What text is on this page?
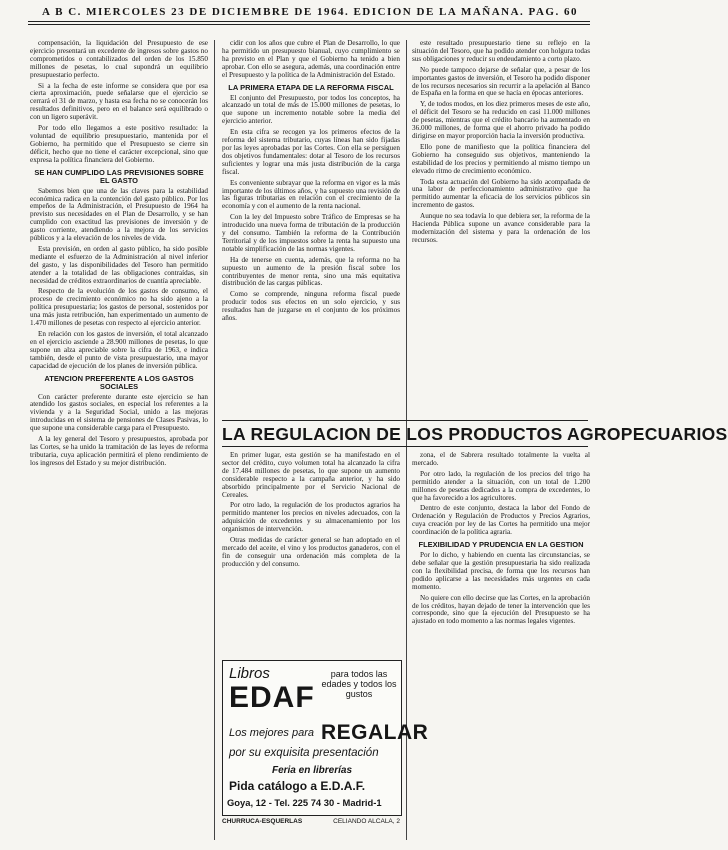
A B C. MIERCOLES 23 DE DICIEMBRE DE 1964. EDICION DE LA MAÑANA. PAG. 60

compensación, la liquidación del Presupuesto de ese ejercicio presentará un excedente de ingresos sobre gastos no comprometidos o contabilizados del orden de los 15.850 millones de pesetas, lo cual supondrá un equilibrio presupuestario perfecto.

Si a la fecha de este informe se considera que por esa cierta aproximación, puede señalarse que el ejercicio se cerrará el 31 de marzo, y hasta esa fecha no se conocerán los resultados definitivos, pero en el balance será equilibrado o con un ligero superávit.

Por todo ello llegamos a este positivo resultado: la voluntad de equilibrio presupuestario, mantenida por el Gobierno, ha permitido que el Presupuesto se cierre sin déficit, hecho que no tiene el carácter excepcional, sino que expresa la política financiera del Gobierno.

SE HAN CUMPLIDO LAS PREVISIONES SOBRE EL GASTO

Sabemos bien que una de las claves para la estabilidad económica radica en la contención del gasto público. Por los empeños de la Administración, el Presupuesto de 1964 ha previsto sus necesidades en el Plan de Desarrollo, y se han cumplido con exactitud las previsiones de inversión y de gasto corriente, atendiendo a la mejora de los servicios públicos y a la elevación de los niveles de vida.

Esta previsión, en orden al gasto público, ha sido posible mediante el esfuerzo de la Administración al nivel inferior del gasto, y las disponibilidades del Tesoro han permitido atender a la totalidad de las obligaciones contraídas, sin necesidad de créditos extraordinarios de cuantía apreciable.

Respecto de la evolución de los gastos de consumo, el proceso de crecimiento económico no ha sido ajeno a la política presupuestaria; los gastos de personal, sostenidos por una más justa retribución, han experimentado un aumento de 1.470 millones de pesetas con respecto al ejercicio anterior.

En relación con los gastos de inversión, el total alcanzado en el ejercicio asciende a 28.900 millones de pesetas, lo que supone un alza apreciable sobre la cifra de 1963, e indica también, desde el punto de vista presupuestario, una mayor capacidad de ejecución de los planes de inversión pública.

ATENCION PREFERENTE A LOS GASTOS SOCIALES

Con carácter preferente durante este ejercicio se han atendido los gastos sociales, en especial los referentes a la vivienda y a la Seguridad Social, unido a las mejoras introducidas en el sistema de pensiones de Clases Pasivas, lo que supone una considerable carga para el Presupuesto.

A la ley general del Tesoro y presupuestos, aprobada por las Cortes, se ha unido la tramitación de las leyes de reforma tributaria, cuya aplicación permitirá el pleno rendimiento de los ingresos del Estado y su mejor distribución.

cidir con los años que cubre el Plan de Desarrollo, lo que ha permitido un presupuesto bianual, cuyo cumplimiento se ha previsto en el Plan y que el Gobierno ha tenido a bien aprobar. Con ello se asegura, además, una coordinación entre el Presupuesto y la política de la Administración del Estado.

LA PRIMERA ETAPA DE LA REFORMA FISCAL

El conjunto del Presupuesto, por todos los conceptos, ha alcanzado un total de más de 15.000 millones de pesetas, lo que supone un incremento notable sobre la media del ejercicio anterior.

En esta cifra se recogen ya los primeros efectos de la reforma del sistema tributario, cuyas líneas han sido fijadas por las leyes aprobadas por las Cortes. Con ella se persiguen dos objetivos fundamentales: dotar al Tesoro de los recursos suficientes y lograr una más justa distribución de la carga fiscal.

Es conveniente subrayar que la reforma en vigor es la más importante de los últimos años, y ha supuesto una revisión de las figuras tributarias en relación con el crecimiento de la economía y con el aumento de la renta nacional.

Con la ley del Impuesto sobre Tráfico de Empresas se ha introducido una nueva forma de tributación de la producción y del consumo. También la reforma de la Contribución Territorial y de los impuestos sobre la renta ha supuesto una notable simplificación de las normas vigentes.

Ha de tenerse en cuenta, además, que la reforma no ha supuesto un aumento de la presión fiscal sobre los contribuyentes de menor renta, sino una más equitativa distribución de las cargas públicas.

Como se comprende, ninguna reforma fiscal puede producir todos sus efectos en un solo ejercicio, y sus resultados han de juzgarse en el conjunto de los próximos años.

este resultado presupuestario tiene su reflejo en la situación del Tesoro, que ha podido atender con holgura todas sus obligaciones y reducir su endeudamiento a corto plazo.

No puede tampoco dejarse de señalar que, a pesar de los importantes gastos de inversión, el Tesoro ha podido disponer de los recursos necesarios sin recurrir a la apelación al Banco de España en la forma en que se hacía en épocas anteriores.

Y, de todos modos, en los diez primeros meses de este año, el déficit del Tesoro se ha reducido en casi 11.000 millones de pesetas, mientras que el crédito bancario ha aumentado en 36.000 millones, de forma que el ahorro privado ha podido dirigirse en mayor proporción hacia la inversión productiva.

Ello pone de manifiesto que la política financiera del Gobierno ha conseguido sus objetivos, manteniendo la estabilidad de los precios y permitiendo al mismo tiempo un elevado ritmo de crecimiento económico.

Toda esta actuación del Gobierno ha sido acompañada de una labor de perfeccionamiento administrativo que ha permitido aumentar la eficacia de los servicios públicos sin incremento de gastos.

Aunque no sea todavía lo que debiera ser, la reforma de la Hacienda Pública supone un avance considerable para la modernización del sistema y para la ordenación de los recursos.

LA REGULACION DE LOS PRODUCTOS AGROPECUARIOS

En primer lugar, esta gestión se ha manifestado en el sector del crédito, cuyo volumen total ha alcanzado la cifra de 17.484 millones de pesetas, lo que supone un aumento considerable respecto a la campaña anterior, y ha sido absorbido principalmente por el Servicio Nacional de Cereales.

Por otro lado, la regulación de los productos agrarios ha permitido mantener los precios en niveles adecuados, con la adquisición de excedentes y su almacenamiento por los organismos de intervención.

Otras medidas de carácter general se han adoptado en el mercado del aceite, el vino y los productos ganaderos, con el fin de conseguir una ordenación más completa de la producción y del consumo.

zona, el de Sabrera resultado totalmente la vuelta al mercado.

Por otro lado, la regulación de los precios del trigo ha permitido atender a la situación, con un total de 1.200 millones de pesetas dedicados a la compra de excedentes, lo que ha favorecido a los agricultores.

Dentro de este conjunto, destaca la labor del Fondo de Ordenación y Regulación de Productos y Precios Agrarios, cuya creación por ley de las Cortes ha permitido una mejor coordinación de la política agraria.

FLEXIBILIDAD Y PRUDENCIA EN LA GESTION

Por lo dicho, y habiendo en cuenta las circunstancias, se debe señalar que la gestión presupuestaria ha sido realizada con la flexibilidad precisa, de forma que los recursos han podido aplicarse a las necesidades más urgentes en cada momento.

No quiere con ello decirse que las Cortes, en la aprobación de los créditos, hayan dejado de tener la intervención que les corresponde, sino que la ejecución del Presupuesto se ha ajustado en todo momento a las normas legales vigentes.

Libros
EDAF
para todos las edades y todos los gustos
Los mejores para REGALAR
por su exquisita presentación
Feria en librerías
Pida catálogo a E.D.A.F.
Goya, 12 - Tel. 225 74 30 - Madrid-1
CHURRUCA-ESQUERLAS	CELIANDO ALCALA, 2
